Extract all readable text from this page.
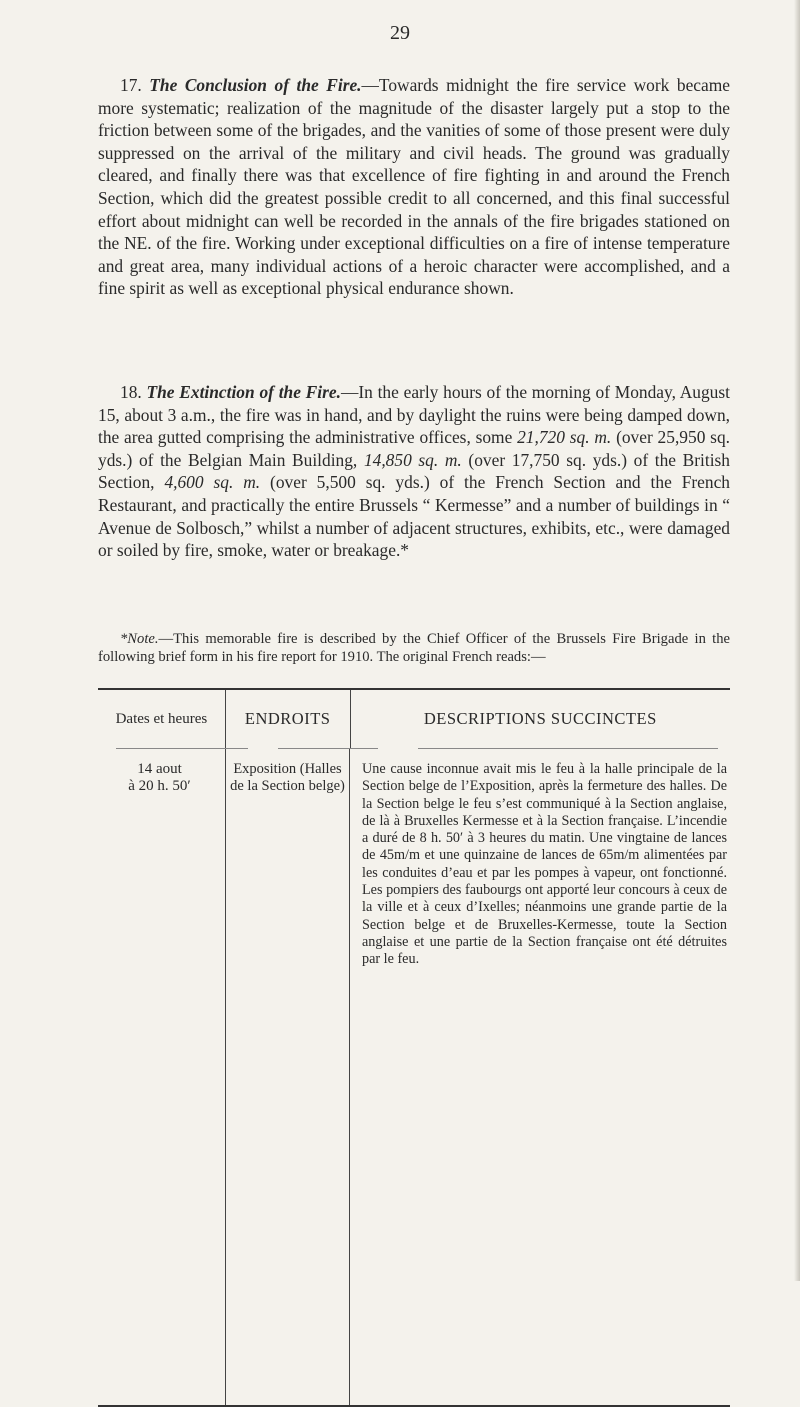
29

17. The Conclusion of the Fire.—Towards midnight the fire service work became more systematic; realization of the magnitude of the disaster largely put a stop to the friction between some of the brigades, and the vanities of some of those present were duly suppressed on the arrival of the military and civil heads. The ground was gradually cleared, and finally there was that excellence of fire fighting in and around the French Section, which did the greatest possible credit to all concerned, and this final successful effort about midnight can well be recorded in the annals of the fire brigades stationed on the NE. of the fire. Working under exceptional difficulties on a fire of intense temperature and great area, many individual actions of a heroic character were accomplished, and a fine spirit as well as exceptional physical endurance shown.

18. The Extinction of the Fire.—In the early hours of the morning of Monday, August 15, about 3 a.m., the fire was in hand, and by daylight the ruins were being damped down, the area gutted comprising the administrative offices, some 21,720 sq. m. (over 25,950 sq. yds.) of the Belgian Main Building, 14,850 sq. m. (over 17,750 sq. yds.) of the British Section, 4,600 sq. m. (over 5,500 sq. yds.) of the French Section and the French Restaurant, and practically the entire Brussels “ Kermesse” and a number of buildings in “ Avenue de Solbosch,” whilst a number of adjacent structures, exhibits, etc., were damaged or soiled by fire, smoke, water or breakage.*

*Note.—This memorable fire is described by the Chief Officer of the Brussels Fire Brigade in the following brief form in his fire report for 1910. The original French reads:—

Dates et heures	ENDROITS	DESCRIPTIONS SUCCINCTES
14 aout
à 20 h. 50′
Exposition (Halles de la Section belge)
Une cause inconnue avait mis le feu à la halle principale de la Section belge de l’Exposition, après la fermeture des halles. De la Section belge le feu s’est communiqué à la Section anglaise, de là à Bruxelles Kermesse et à la Section française. L’incendie a duré de 8 h. 50′ à 3 heures du matin. Une vingtaine de lances de 45m/m et une quinzaine de lances de 65m/m alimentées par les conduites d’eau et par les pompes à vapeur, ont fonctionné. Les pompiers des faubourgs ont apporté leur concours à ceux de la ville et à ceux d’Ixelles; néanmoins une grande partie de la Section belge et de Bruxelles-Kermesse, toute la Section anglaise et une partie de la Section française ont été détruites par le feu.
